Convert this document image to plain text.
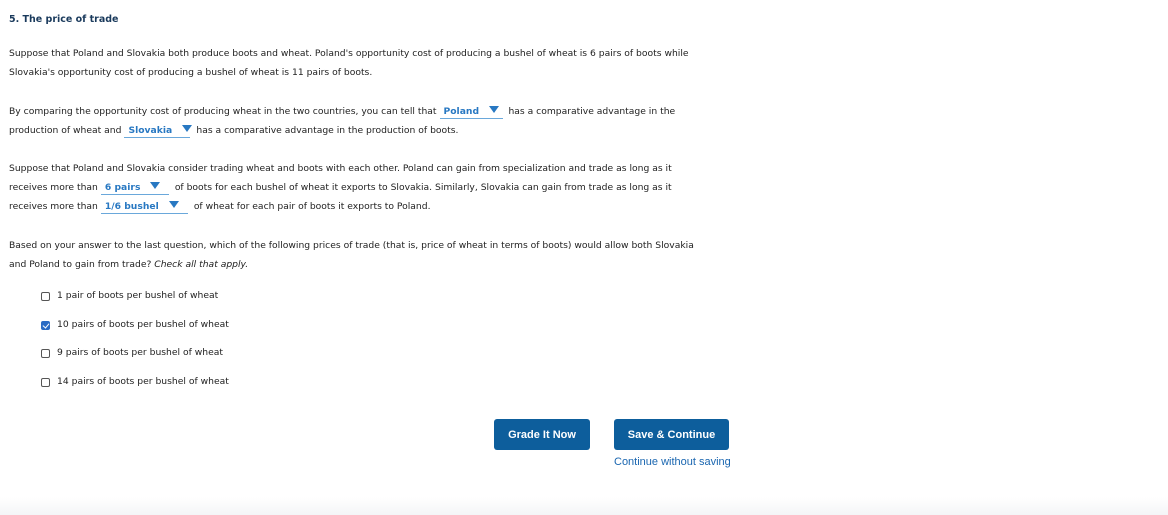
5. The price of trade
Suppose that Poland and Slovakia both produce boots and wheat. Poland's opportunity cost of producing a bushel of wheat is 6 pairs of boots while
Slovakia's opportunity cost of producing a bushel of wheat is 11 pairs of boots.
By comparing the opportunity cost of producing wheat in the two countries, you can tell that Poland	has a comparative advantage in the
production of wheat and Slovakia	has a comparative advantage in the production of boots.
Suppose that Poland and Slovakia consider trading wheat and boots with each other. Poland can gain from specialization and trade as long as it
receives more than 6 pairs	of boots for each bushel of wheat it exports to Slovakia. Similarly, Slovakia can gain from trade as long as it
receives more than 1/6 bushel	of wheat for each pair of boots it exports to Poland.
Based on your answer to the last question, which of the following prices of trade (that is, price of wheat in terms of boots) would allow both Slovakia
and Poland to gain from trade? Check all that apply.
1 pair of boots per bushel of wheat
10 pairs of boots per bushel of wheat
9 pairs of boots per bushel of wheat
14 pairs of boots per bushel of wheat
Grade It Now	Save & Continue
Continue without saving
